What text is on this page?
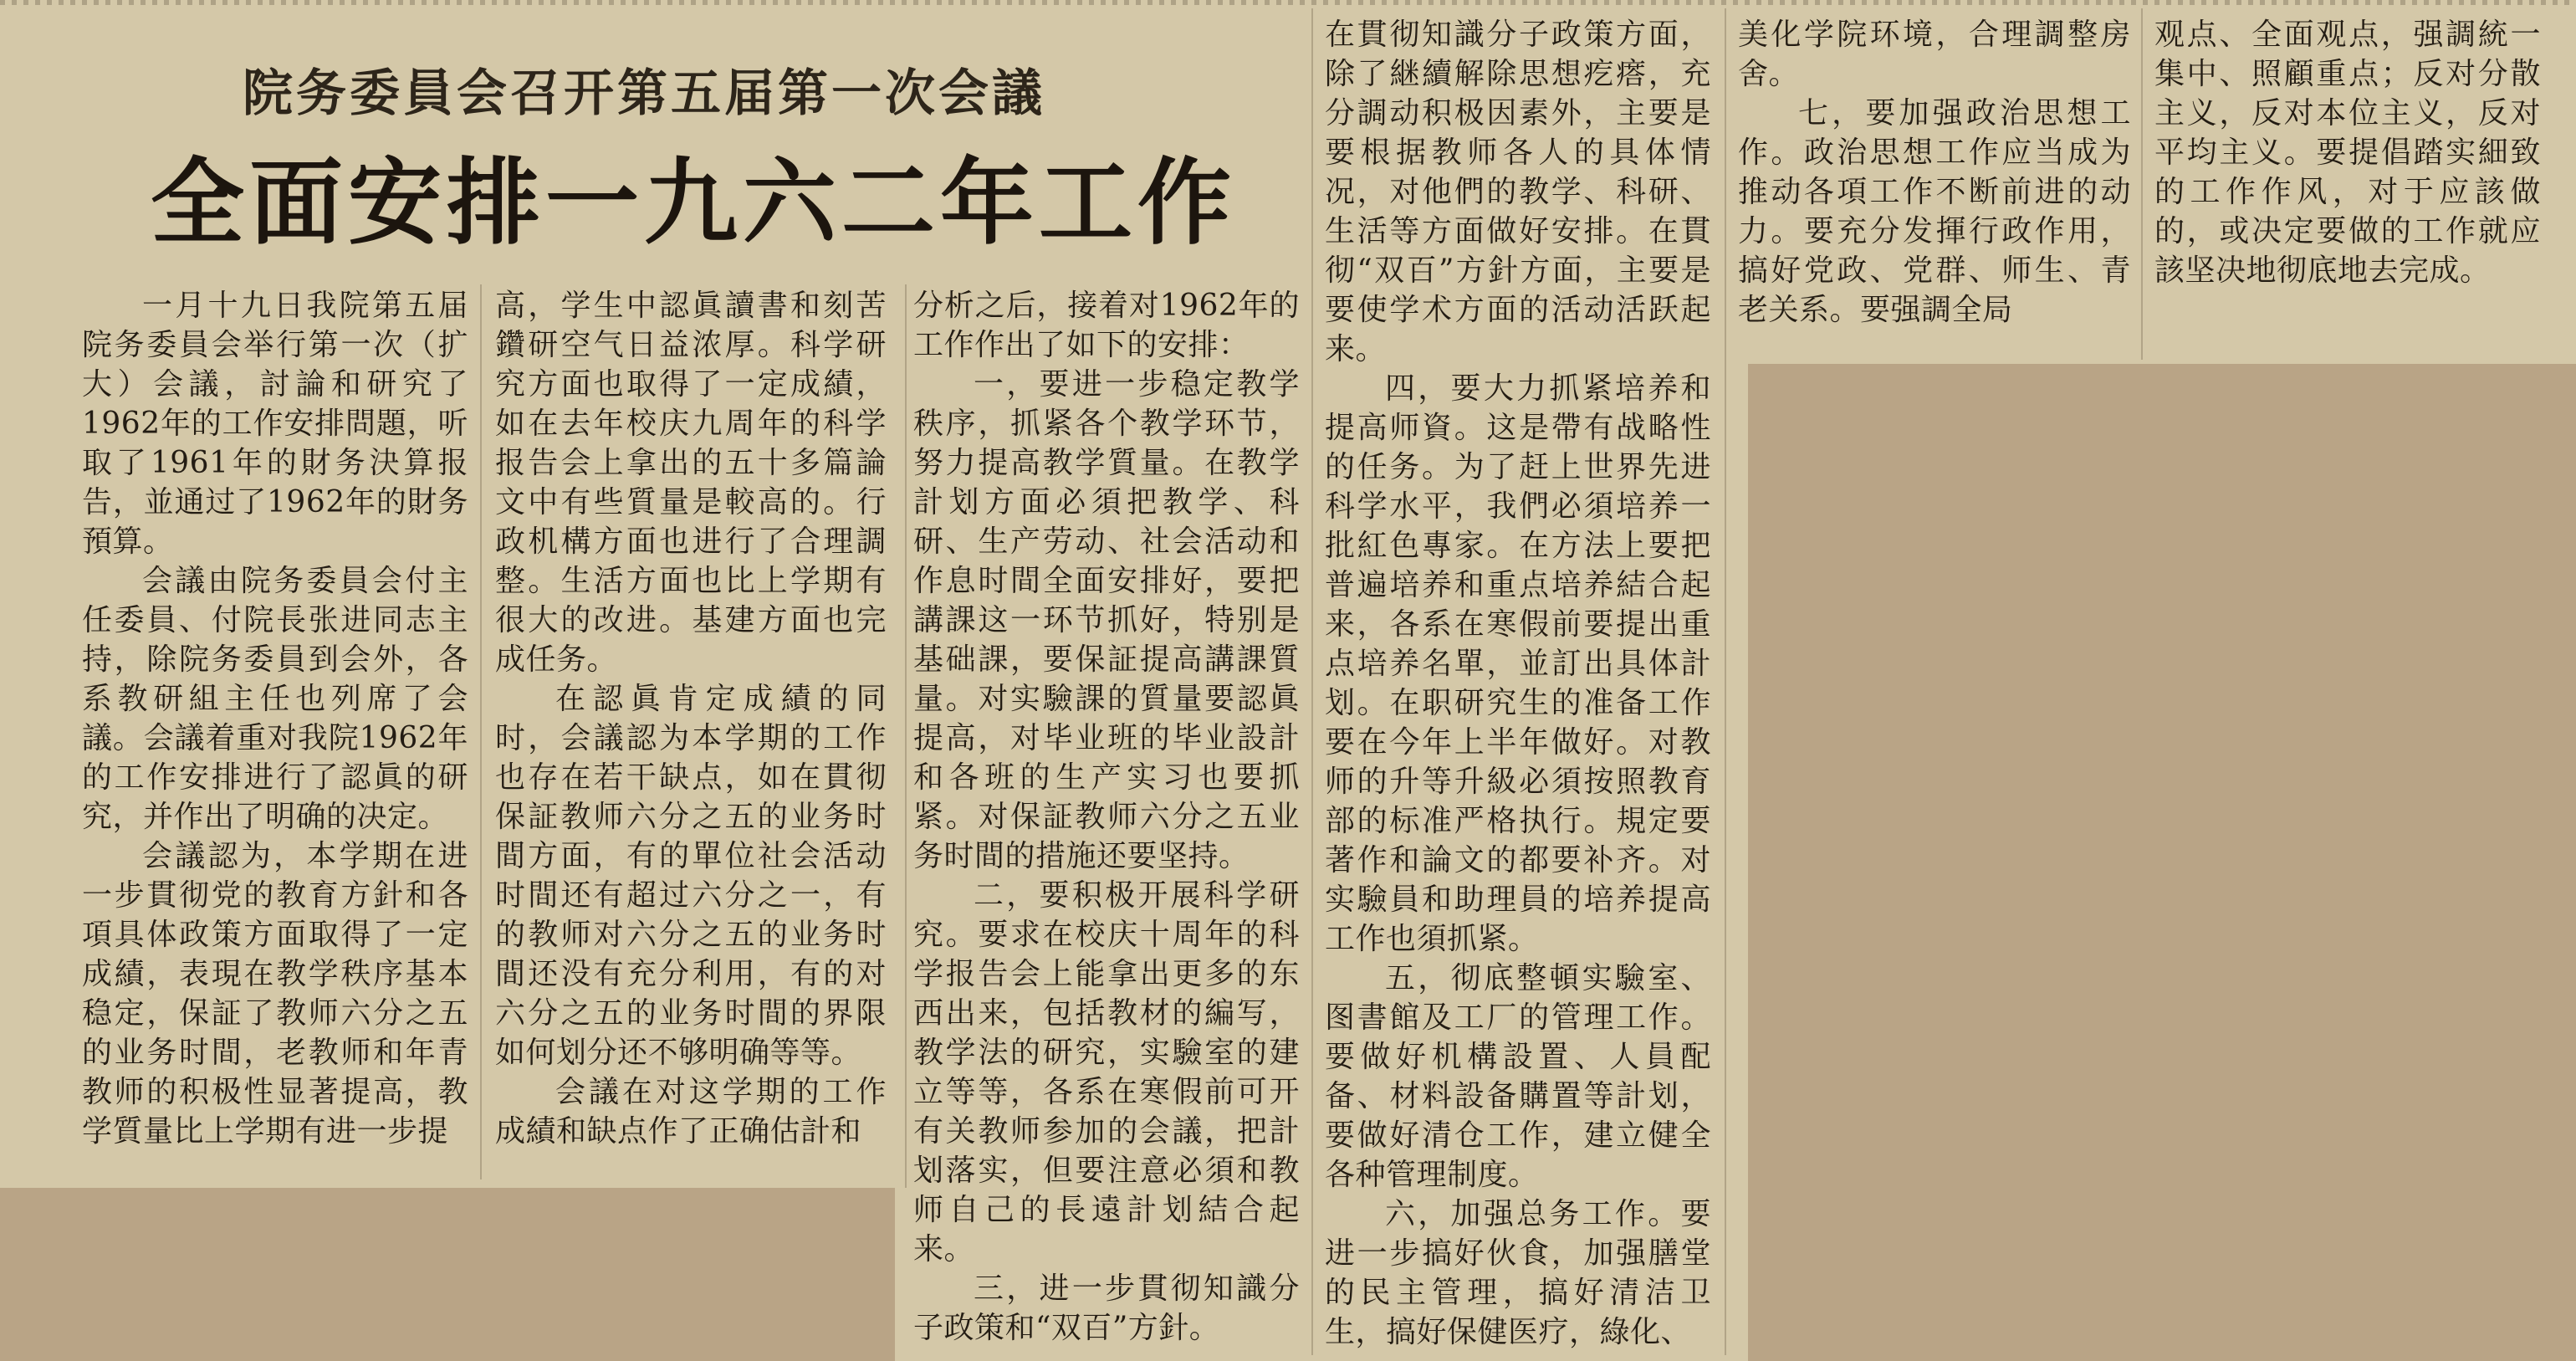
院务委員会召开第五届第一次会議
全面安排一九六二年工作

一月十九日我院第五届院务委員会举行第一次（扩大）会議，討論和研究了1962年的工作安排問題，听取了1961年的財务決算报告，並通过了1962年的財务預算。

会議由院务委員会付主任委員、付院長张进同志主持，除院务委員到会外，各系教研組主任也列席了会議。会議着重对我院1962年的工作安排进行了認眞的研究，并作出了明确的决定。

会議認为，本学期在进一步貫彻党的教育方針和各項具体政策方面取得了一定成績，表現在教学秩序基本稳定，保証了教师六分之五的业务时間，老教师和年青教师的积极性显著提高，教学質量比上学期有进一步提

高，学生中認眞讀書和刻苦鑽研空气日益浓厚。科学研究方面也取得了一定成績，如在去年校庆九周年的科学报告会上拿出的五十多篇論文中有些質量是較高的。行政机構方面也进行了合理調整。生活方面也比上学期有很大的改进。基建方面也完成任务。

在認眞肯定成績的同时，会議認为本学期的工作也存在若干缺点，如在貫彻保証教师六分之五的业务时間方面，有的單位社会活动时間还有超过六分之一，有的教师对六分之五的业务时間还没有充分利用，有的对六分之五的业务时間的界限如何划分还不够明确等等。

会議在对这学期的工作成績和缺点作了正确估計和

分析之后，接着对1962年的工作作出了如下的安排：

一，要进一步稳定教学秩序，抓紧各个教学环节，努力提高教学質量。在教学計划方面必須把教学、科研、生产劳动、社会活动和作息时間全面安排好，要把講課这一环节抓好，特别是基础課，要保証提高講課質量。对实驗課的質量要認眞提高，对毕业班的毕业設計和各班的生产实习也要抓紧。对保証教师六分之五业务时間的措施还要坚持。

二，要积极开展科学研究。要求在校庆十周年的科学报告会上能拿出更多的东西出来，包括教材的編写，教学法的研究，实驗室的建立等等，各系在寒假前可开有关教师参加的会議，把計划落实，但要注意必須和教师自己的長遠計划結合起来。

三，进一步貫彻知識分子政策和“双百”方針。

在貫彻知識分子政策方面，除了継續解除思想疙瘩，充分調动积极因素外，主要是要根据教师各人的具体情况，对他們的教学、科研、生活等方面做好安排。在貫彻“双百”方針方面，主要是要使学术方面的活动活跃起来。

四，要大力抓紧培养和提高师資。这是帶有战略性的任务。为了赶上世界先进科学水平，我們必須培养一批紅色專家。在方法上要把普遍培养和重点培养結合起来，各系在寒假前要提出重点培养名單，並訂出具体計划。在职研究生的准备工作要在今年上半年做好。对教师的升等升級必須按照教育部的标准严格执行。規定要著作和論文的都要补齐。对实驗員和助理員的培养提高工作也須抓紧。

五，彻底整頓实驗室、图書館及工厂的管理工作。要做好机構設置、人員配备、材料設备購置等計划，要做好清仓工作，建立健全各种管理制度。

六，加强总务工作。要进一步搞好伙食，加强膳堂的民主管理，搞好清洁卫生，搞好保健医疗，綠化、

美化学院环境，合理調整房舍。

七，要加强政治思想工作。政治思想工作应当成为推动各項工作不断前进的动力。要充分发揮行政作用，搞好党政、党群、师生、青老关系。要强調全局

观点、全面观点，强調統一集中、照顧重点；反对分散主义，反对本位主义，反对平均主义。要提倡踏实細致的工作作风，对于应該做的，或决定要做的工作就应該坚决地彻底地去完成。
